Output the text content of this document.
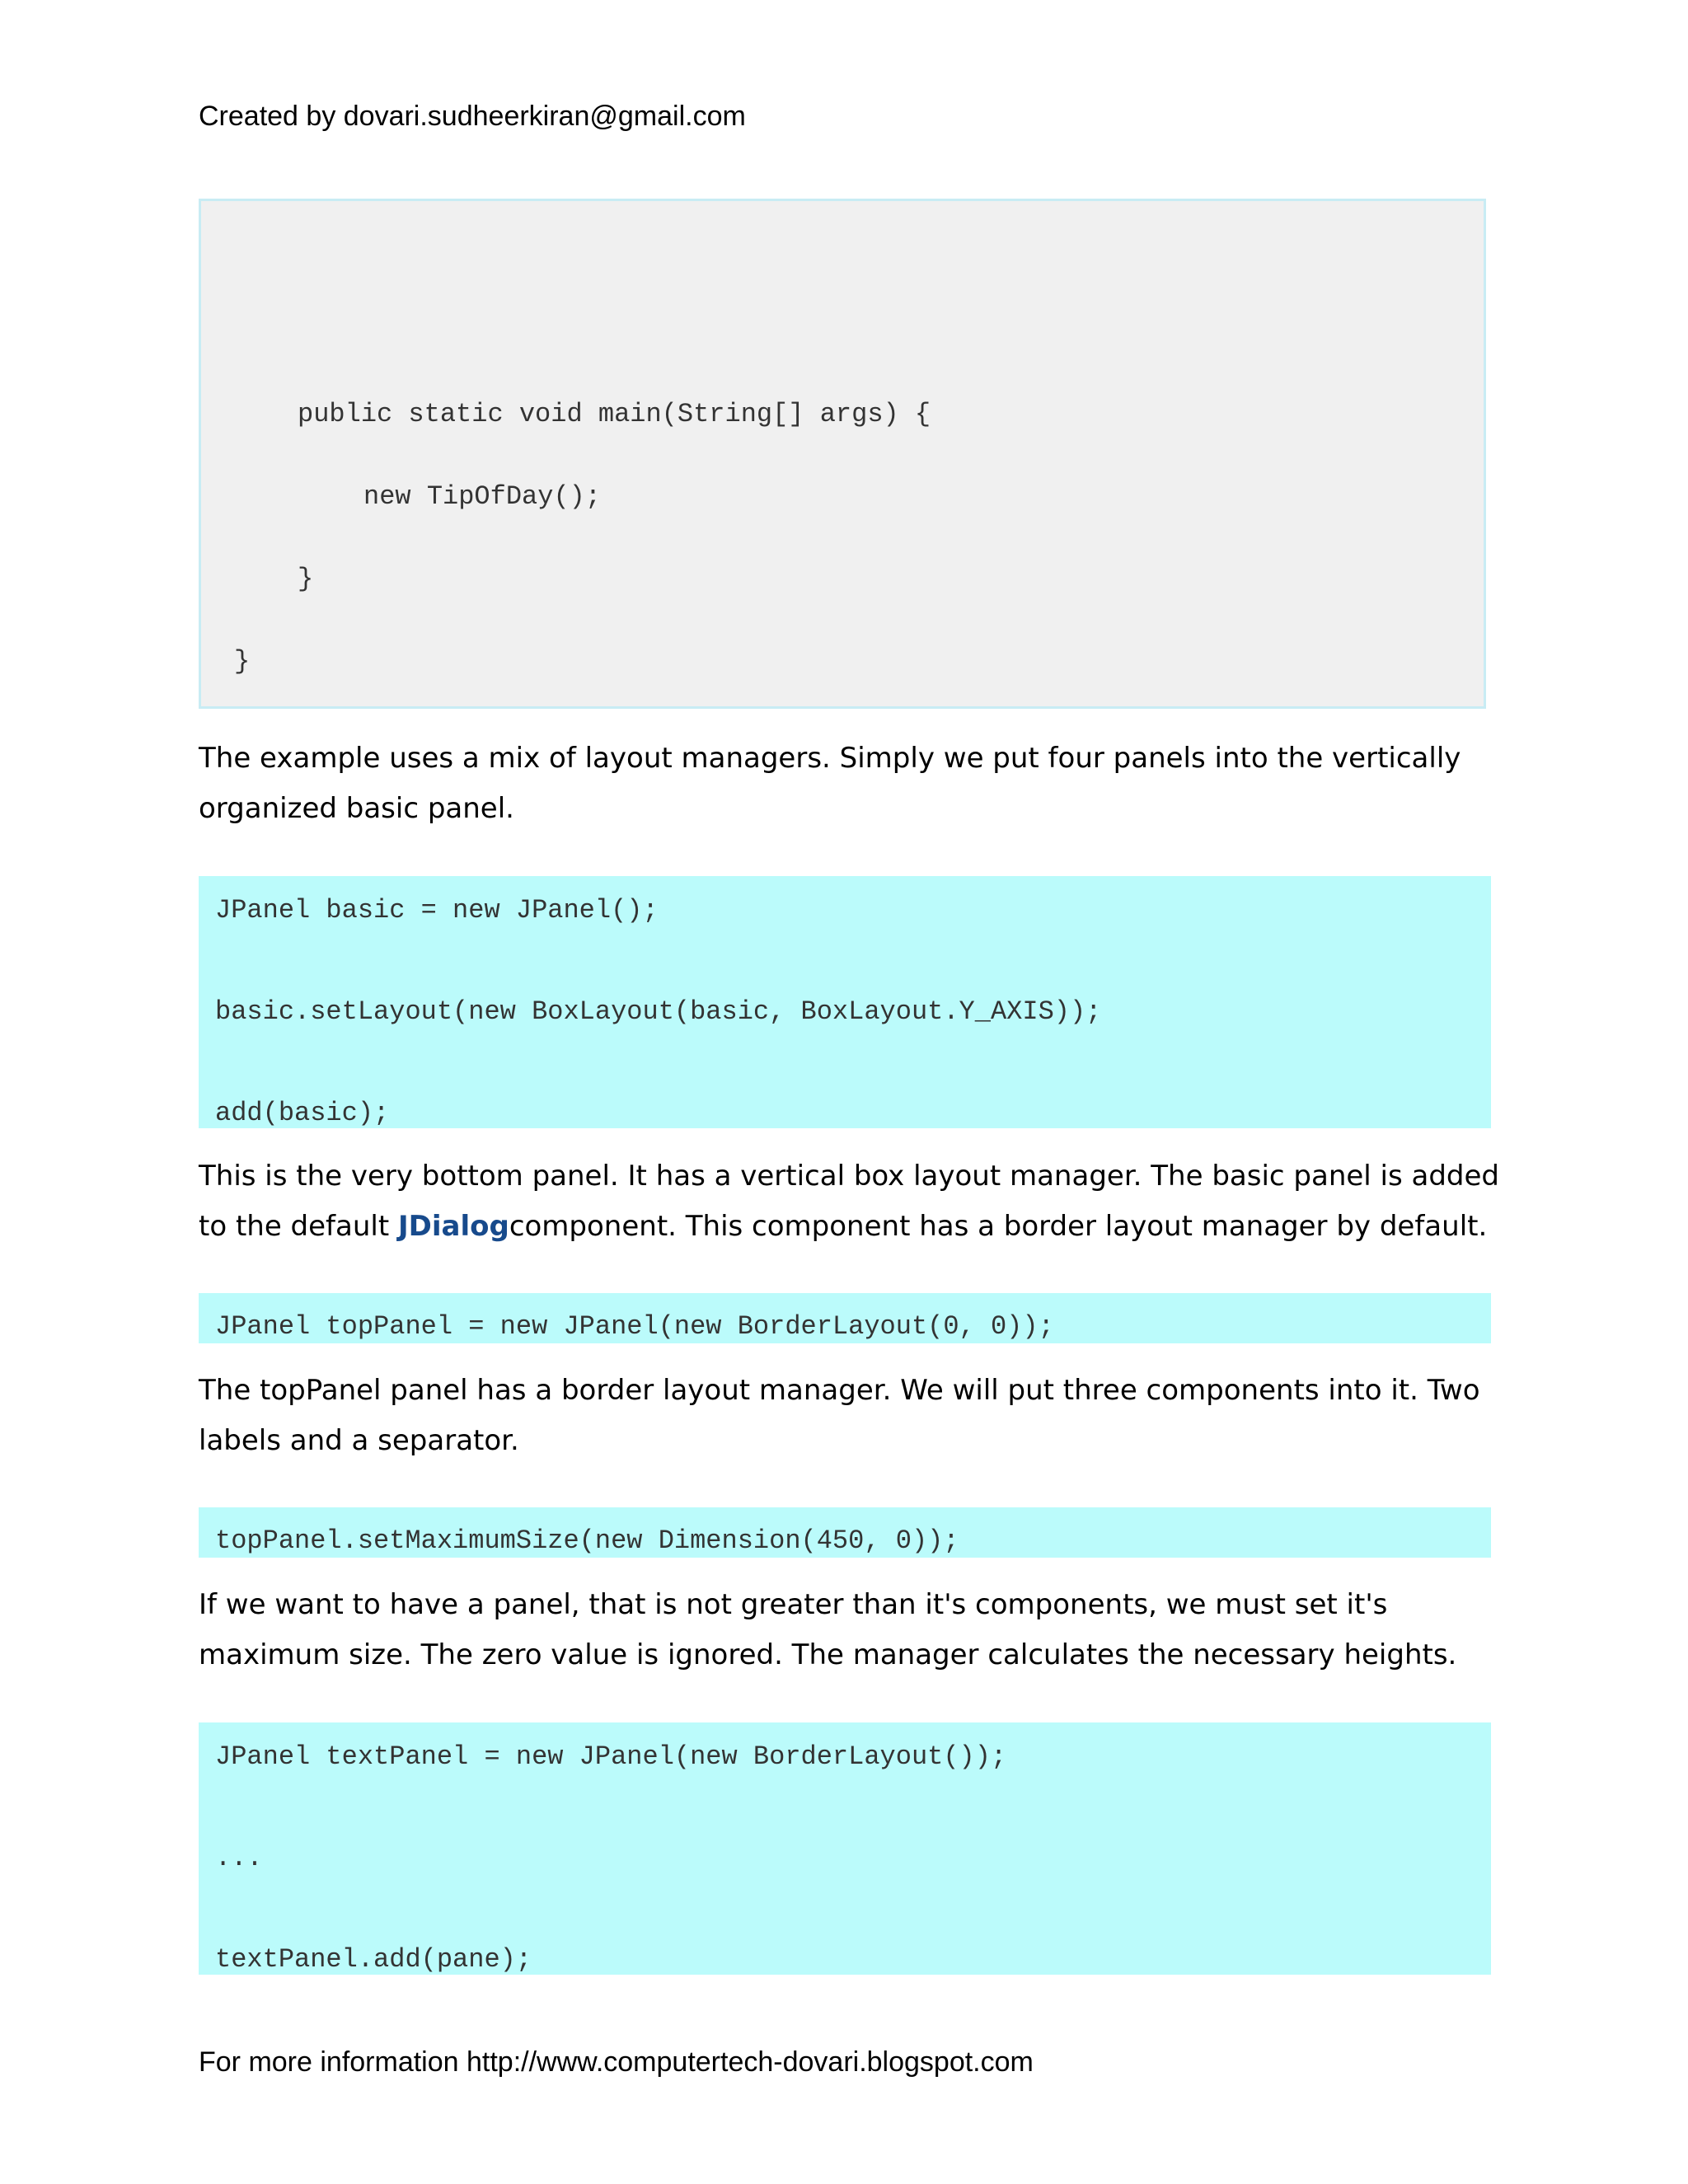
Created by dovari.sudheerkiran@gmail.com
public static void main(String[] args) {
new TipOfDay();
}
}

The example uses a mix of layout managers. Simply we put four panels into the vertically
organized basic panel.

JPanel basic = new JPanel();
basic.setLayout(new BoxLayout(basic, BoxLayout.Y_AXIS));
add(basic);

This is the very bottom panel. It has a vertical box layout manager. The basic panel is added
to the default JDialogcomponent. This component has a border layout manager by default.

JPanel topPanel = new JPanel(new BorderLayout(0, 0));

The topPanel panel has a border layout manager. We will put three components into it. Two
labels and a separator.

topPanel.setMaximumSize(new Dimension(450, 0));

If we want to have a panel, that is not greater than it's components, we must set it's
maximum size. The zero value is ignored. The manager calculates the necessary heights.

JPanel textPanel = new JPanel(new BorderLayout());
...
textPanel.add(pane);
For more information http://www.computertech-dovari.blogspot.com
